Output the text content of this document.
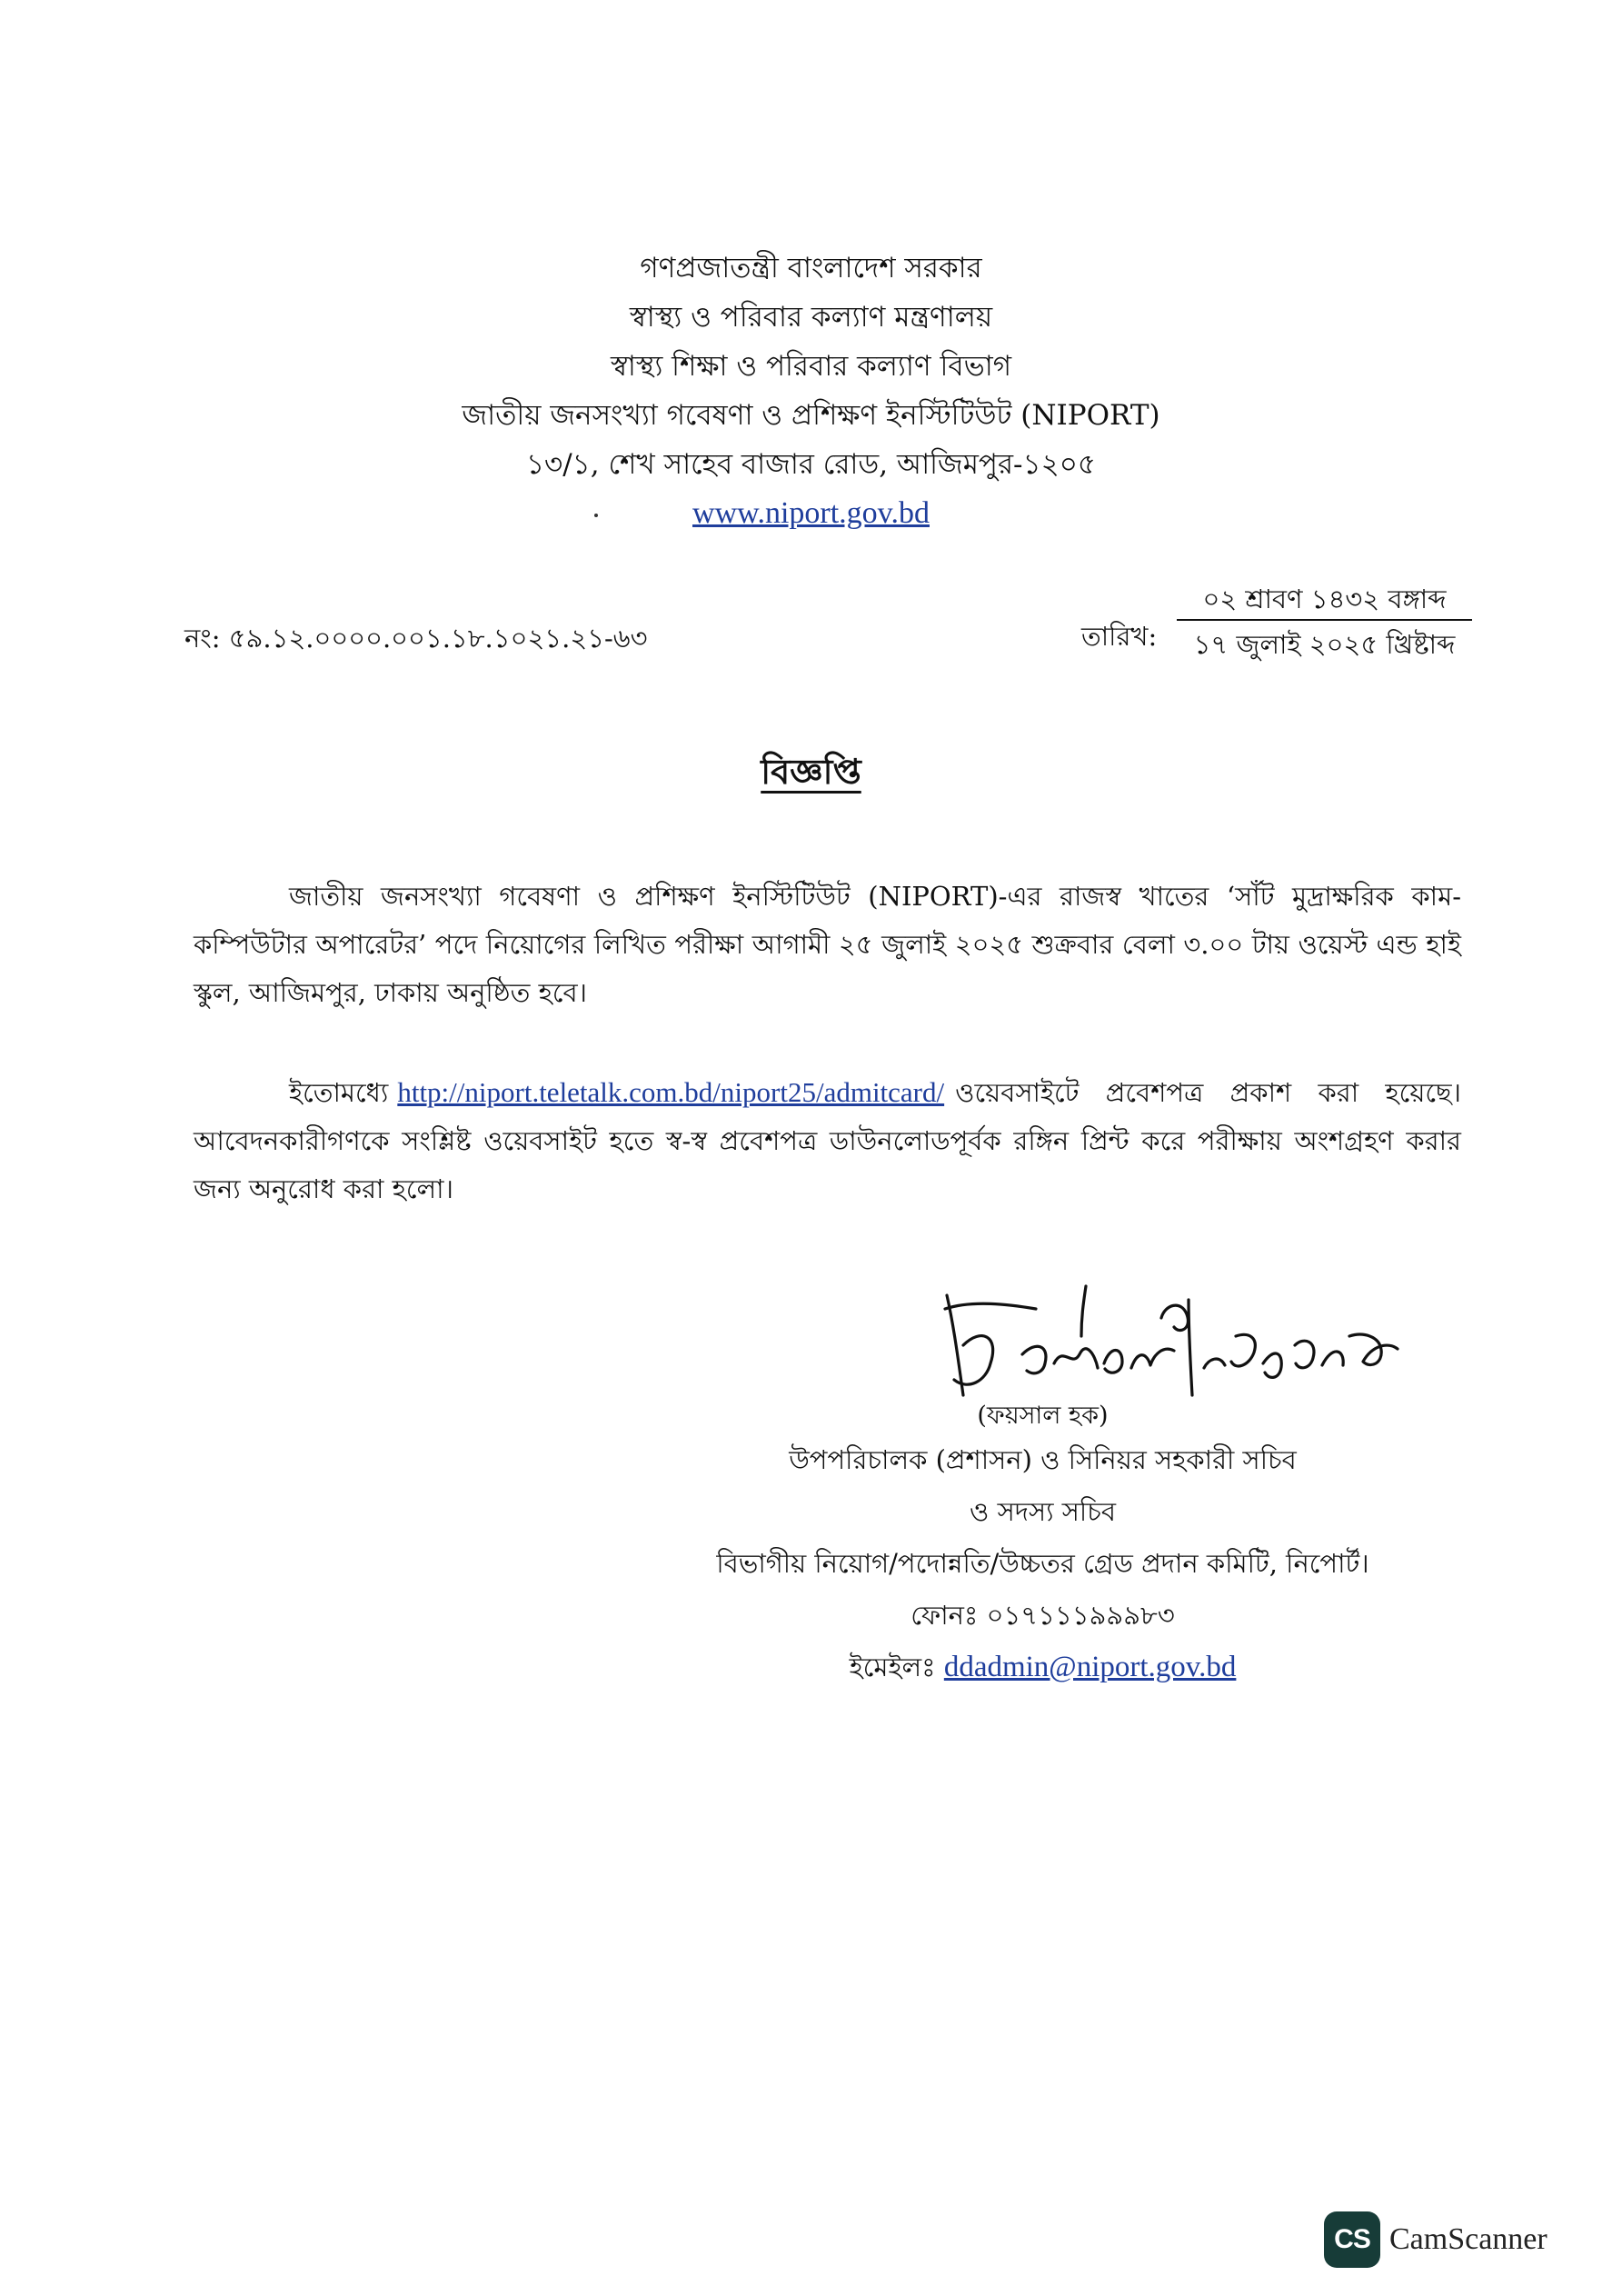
গণপ্রজাতন্ত্রী বাংলাদেশ সরকার
স্বাস্থ্য ও পরিবার কল্যাণ মন্ত্রণালয়
স্বাস্থ্য শিক্ষা ও পরিবার কল্যাণ বিভাগ
জাতীয় জনসংখ্যা গবেষণা ও প্রশিক্ষণ ইনস্টিটিউট (NIPORT)
১৩/১, শেখ সাহেব বাজার রোড, আজিমপুর-১২০৫
www.niport.gov.bd
নং: ৫৯.১২.০০০০.০০১.১৮.১০২১.২১-৬৩	তারিখ:
০২ শ্রাবণ ১৪৩২ বঙ্গাব্দ
১৭ জুলাই ২০২৫ খ্রিষ্টাব্দ
বিজ্ঞপ্তি
জাতীয় জনসংখ্যা গবেষণা ও প্রশিক্ষণ ইনস্টিটিউট (NIPORT)-এর রাজস্ব খাতের ‘সাঁট মুদ্রাক্ষরিক কাম-কম্পিউটার অপারেটর’ পদে নিয়োগের লিখিত পরীক্ষা আগামী ২৫ জুলাই ২০২৫ শুক্রবার বেলা ৩.০০ টায় ওয়েস্ট এন্ড হাই স্কুল, আজিমপুর, ঢাকায় অনুষ্ঠিত হবে।
ইতোমধ্যে http://niport.teletalk.com.bd/niport25/admitcard/ ওয়েবসাইটে প্রবেশপত্র প্রকাশ করা হয়েছে। আবেদনকারীগণকে সংশ্লিষ্ট ওয়েবসাইট হতে স্ব-স্ব প্রবেশপত্র ডাউনলোডপূর্বক রঙ্গিন প্রিন্ট করে পরীক্ষায় অংশগ্রহণ করার জন্য অনুরোধ করা হলো।
(ফয়সাল হক)
উপপরিচালক (প্রশাসন) ও সিনিয়র সহকারী সচিব
ও সদস্য সচিব
বিভাগীয় নিয়োগ/পদোন্নতি/উচ্চতর গ্রেড প্রদান কমিটি, নিপোর্ট।
ফোনঃ ০১৭১১১৯৯৯৮৩
ইমেইলঃ ddadmin@niport.gov.bd
CS CamScanner
